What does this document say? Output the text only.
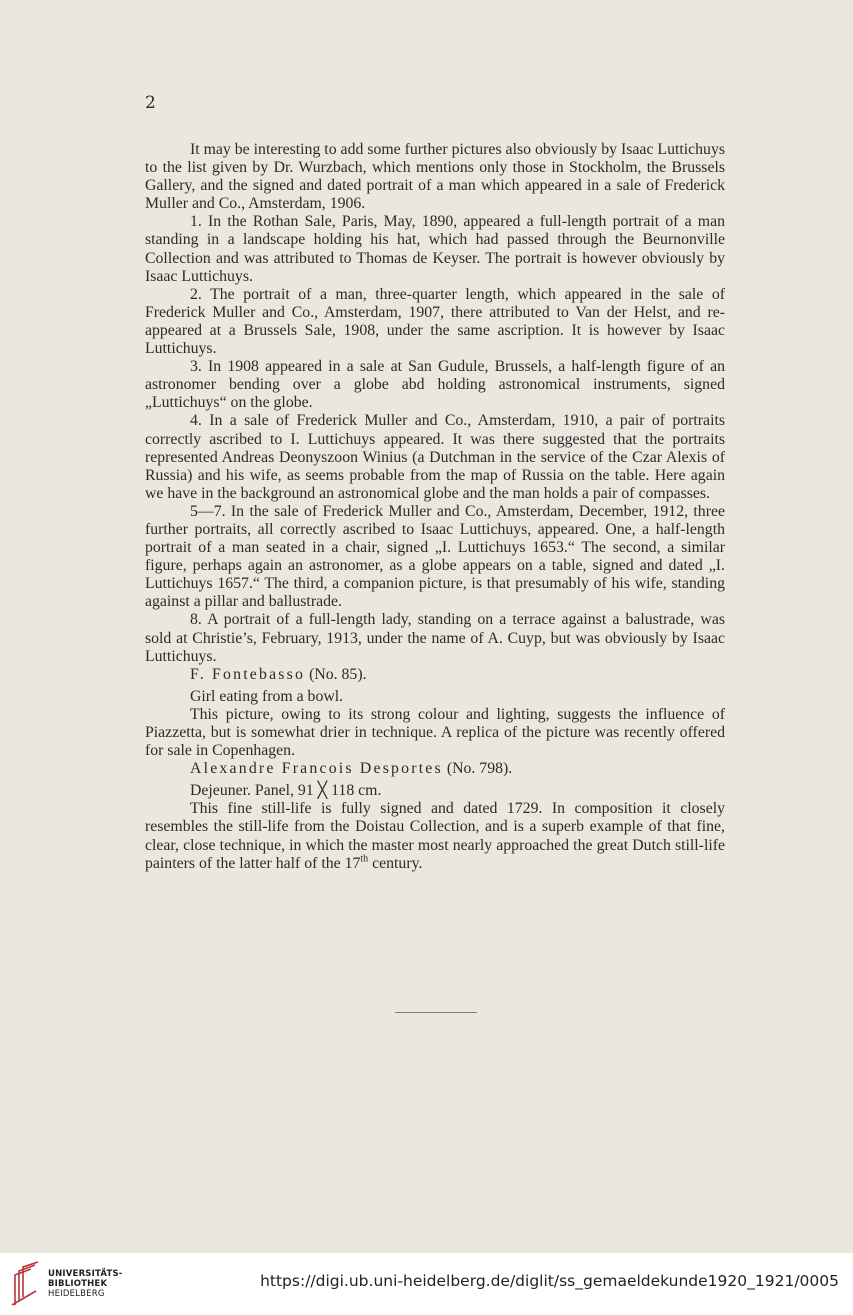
2

It may be interesting to add some further pictures also obviously by Isaac Luttichuys to the list given by Dr. Wurzbach, which mentions only those in Stockholm, the Brussels Gallery, and the signed and dated portrait of a man which appeared in a sale of Frederick Muller and Co., Amsterdam, 1906.

1. In the Rothan Sale, Paris, May, 1890, appeared a full-length portrait of a man standing in a landscape holding his hat, which had passed through the Beurnonville Collection and was attributed to Thomas de Keyser. The portrait is however obviously by Isaac Luttichuys.

2. The portrait of a man, three-quarter length, which appeared in the sale of Frederick Muller and Co., Amsterdam, 1907, there attributed to Van der Helst, and re-appeared at a Brussels Sale, 1908, under the same ascription. It is however by Isaac Luttichuys.

3. In 1908 appeared in a sale at San Gudule, Brussels, a half-length figure of an astronomer bending over a globe abd holding astronomical instruments, signed „Luttichuys“ on the globe.

4. In a sale of Frederick Muller and Co., Amsterdam, 1910, a pair of portraits correctly ascribed to I. Luttichuys appeared. It was there suggested that the portraits represented Andreas Deonyszoon Winius (a Dutchman in the service of the Czar Alexis of Russia) and his wife, as seems probable from the map of Russia on the table. Here again we have in the background an astronomical globe and the man holds a pair of compasses.

5—7. In the sale of Frederick Muller and Co., Amsterdam, December, 1912, three further portraits, all correctly ascribed to Isaac Luttichuys, appeared. One, a half-length portrait of a man seated in a chair, signed „I. Luttichuys 1653.“ The second, a similar figure, perhaps again an astronomer, as a globe appears on a table, signed and dated „I. Luttichuys 1657.“ The third, a companion picture, is that presumably of his wife, standing against a pillar and ballustrade.

8. A portrait of a full-length lady, standing on a terrace against a balustrade, was sold at Christie’s, February, 1913, under the name of A. Cuyp, but was obviously by Isaac Luttichuys.

F. Fontebasso (No. 85).

Girl eating from a bowl.

This picture, owing to its strong colour and lighting, suggests the influence of Piazzetta, but is somewhat drier in technique. A replica of the picture was recently offered for sale in Copenhagen.

Alexandre Francois Desportes (No. 798).

Dejeuner. Panel, 91 ╳ 118 cm.

This fine still-life is fully signed and dated 1729. In composition it closely resembles the still-life from the Doistau Collection, and is a superb example of that fine, clear, close technique, in which the master most nearly approached the great Dutch still-life painters of the latter half of the 17th century.

UNIVERSITÄTS-
BIBLIOTHEK
HEIDELBERG
https://digi.ub.uni-heidelberg.de/diglit/ss_gemaeldekunde1920_1921/0005
